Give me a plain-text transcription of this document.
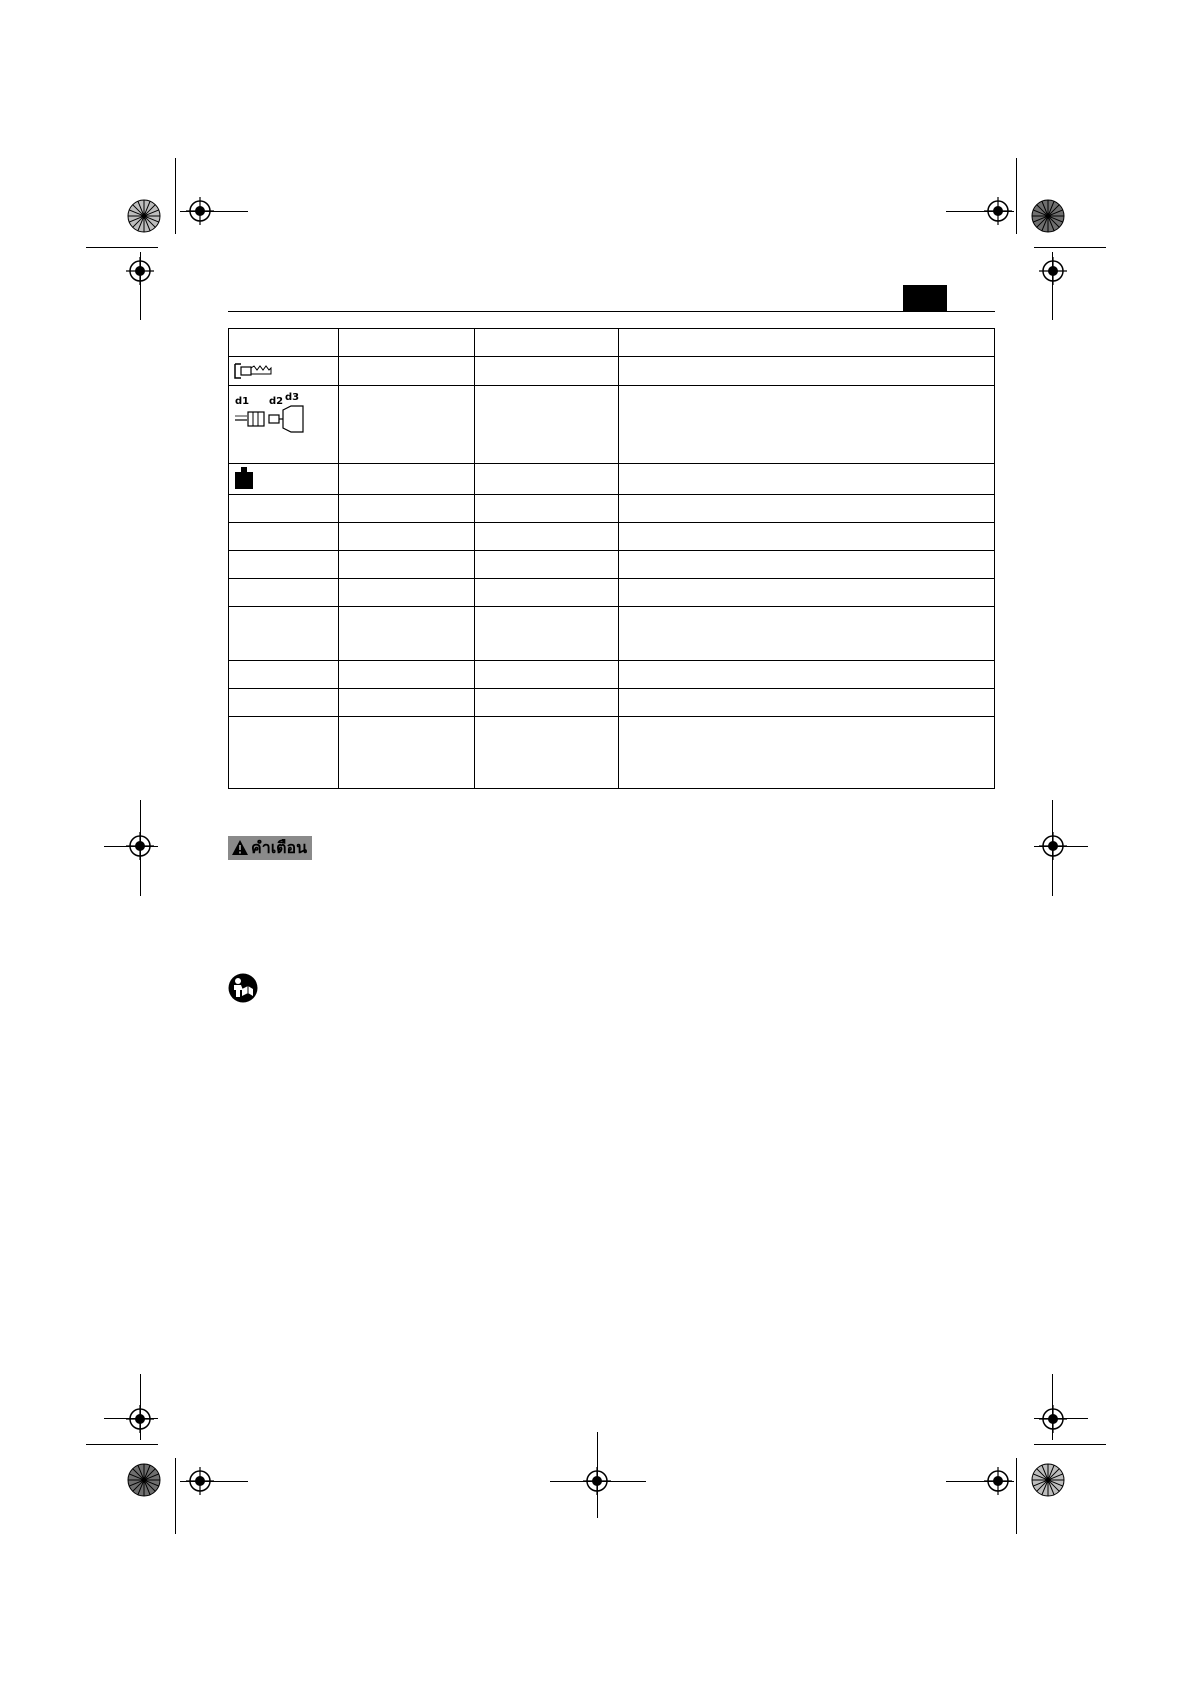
d1 d2 d3			

คำเตือน
